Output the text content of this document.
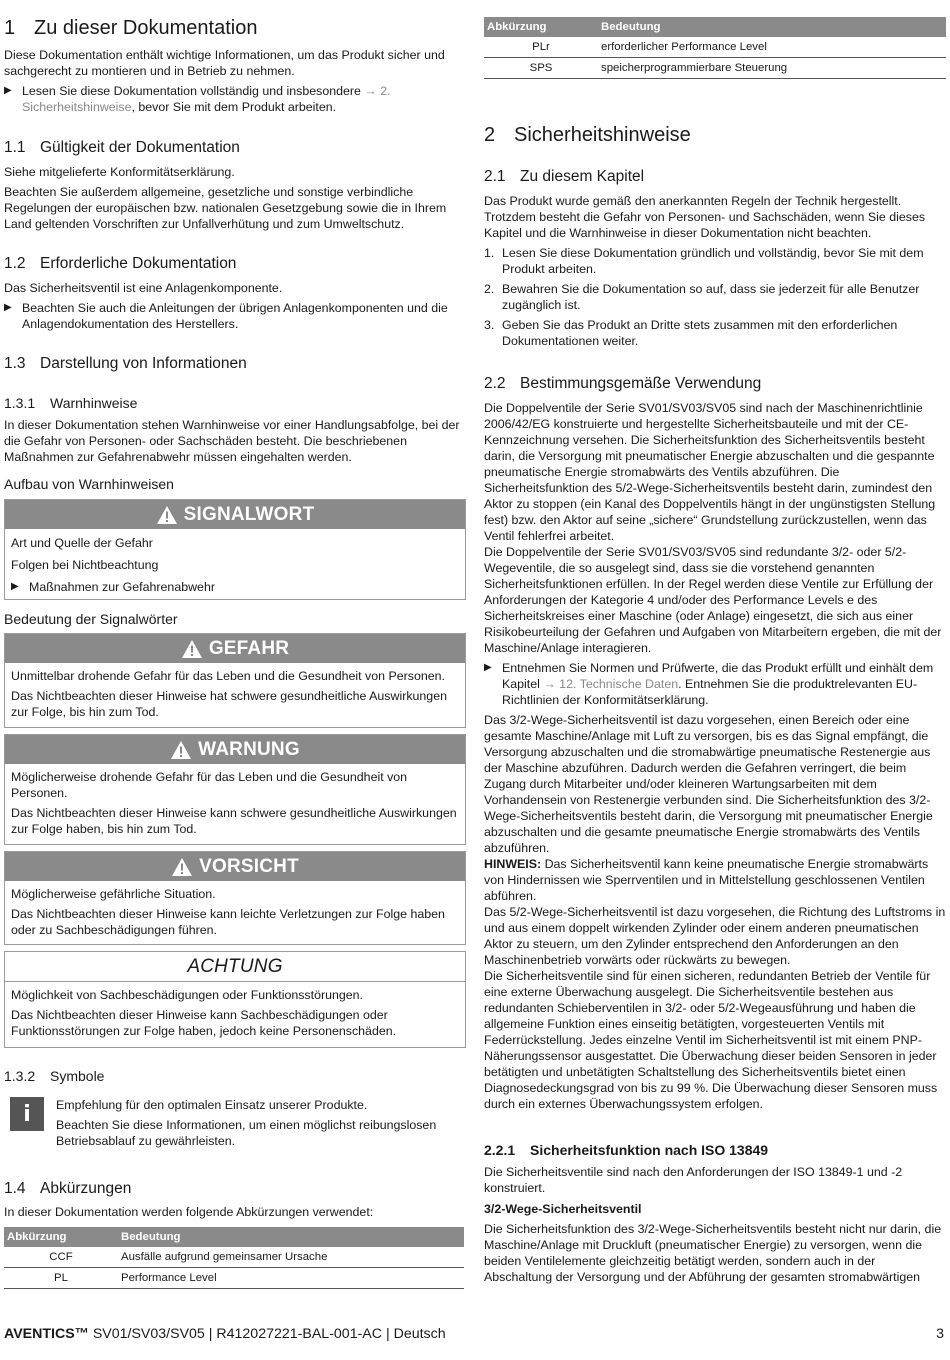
1 Zu dieser Dokumentation

Diese Dokumentation enthält wichtige Informationen, um das Produkt sicher und sachgerecht zu montieren und in Betrieb zu nehmen.

▶ Lesen Sie diese Dokumentation vollständig und insbesondere → 2. Sicherheitshinweise, bevor Sie mit dem Produkt arbeiten.

1.1 Gültigkeit der Dokumentation

Siehe mitgelieferte Konformitätserklärung.

Beachten Sie außerdem allgemeine, gesetzliche und sonstige verbindliche Regelungen der europäischen bzw. nationalen Gesetzgebung sowie die in Ihrem Land geltenden Vorschriften zur Unfallverhütung und zum Umweltschutz.

1.2 Erforderliche Dokumentation

Das Sicherheitsventil ist eine Anlagenkomponente.

▶ Beachten Sie auch die Anleitungen der übrigen Anlagenkomponenten und die Anlagendokumentation des Herstellers.

1.3 Darstellung von Informationen
1.3.1 Warnhinweise

In dieser Dokumentation stehen Warnhinweise vor einer Handlungsabfolge, bei der die Gefahr von Personen- oder Sachschäden besteht. Die beschriebenen Maßnahmen zur Gefahrenabwehr müssen eingehalten werden.

Aufbau von Warnhinweisen

SIGNALWORT

Art und Quelle der Gefahr

Folgen bei Nichtbeachtung

▶ Maßnahmen zur Gefahrenabwehr

Bedeutung der Signalwörter

GEFAHR

Unmittelbar drohende Gefahr für das Leben und die Gesundheit von Personen.

Das Nichtbeachten dieser Hinweise hat schwere gesundheitliche Auswirkungen zur Folge, bis hin zum Tod.

WARNUNG

Möglicherweise drohende Gefahr für das Leben und die Gesundheit von Personen.

Das Nichtbeachten dieser Hinweise kann schwere gesundheitliche Auswirkungen zur Folge haben, bis hin zum Tod.

VORSICHT

Möglicherweise gefährliche Situation.

Das Nichtbeachten dieser Hinweise kann leichte Verletzungen zur Folge haben oder zu Sachbeschädigungen führen.

ACHTUNG

Möglichkeit von Sachbeschädigungen oder Funktionsstörungen.

Das Nichtbeachten dieser Hinweise kann Sachbeschädigungen oder Funktionsstörungen zur Folge haben, jedoch keine Personenschäden.

1.3.2 Symbole
i Empfehlung für den optimalen Einsatz unserer Produkte.

Beachten Sie diese Informationen, um einen möglichst reibungslosen Betriebsablauf zu gewährleisten.

1.4 Abkürzungen

In dieser Dokumentation werden folgende Abkürzungen verwendet:

Abkürzung	Bedeutung
CCF	Ausfälle aufgrund gemeinsamer Ursache
PL	Performance Level
Abkürzung	Bedeutung
PLr	erforderlicher Performance Level
SPS	speicherprogrammierbare Steuerung
2 Sicherheitshinweise
2.1 Zu diesem Kapitel

Das Produkt wurde gemäß den anerkannten Regeln der Technik hergestellt. Trotzdem besteht die Gefahr von Personen- und Sachschäden, wenn Sie dieses Kapitel und die Warnhinweise in dieser Dokumentation nicht beachten.

1. Lesen Sie diese Dokumentation gründlich und vollständig, bevor Sie mit dem Produkt arbeiten.

2. Bewahren Sie die Dokumentation so auf, dass sie jederzeit für alle Benutzer zugänglich ist.

3. Geben Sie das Produkt an Dritte stets zusammen mit den erforderlichen Dokumentationen weiter.

2.2 Bestimmungsgemäße Verwendung

Die Doppelventile der Serie SV01/SV03/SV05 sind nach der Maschinenrichtlinie 2006/42/EG konstruierte und hergestellte Sicherheitsbauteile und mit der CE-Kennzeichnung versehen. Die Sicherheitsfunktion des Sicherheitsventils besteht darin, die Versorgung mit pneumatischer Energie abzuschalten und die gespannte pneumatische Energie stromabwärts des Ventils abzuführen. Die Sicherheitsfunktion des 5/2-Wege-Sicherheitsventils besteht darin, zumindest den Aktor zu stoppen (ein Kanal des Doppelventils hängt in der ungünstigsten Stellung fest) bzw. den Aktor auf seine „sichere“ Grundstellung zurückzustellen, wenn das Ventil fehlerfrei arbeitet.

Die Doppelventile der Serie SV01/SV03/SV05 sind redundante 3/2- oder 5/2-Wegeventile, die so ausgelegt sind, dass sie die vorstehend genannten Sicherheitsfunktionen erfüllen. In der Regel werden diese Ventile zur Erfüllung der Anforderungen der Kategorie 4 und/oder des Performance Levels e des Sicherheitskreises einer Maschine (oder Anlage) eingesetzt, die sich aus einer Risikobeurteilung der Gefahren und Aufgaben von Mitarbeitern ergeben, die mit der Maschine/Anlage interagieren.

▶ Entnehmen Sie Normen und Prüfwerte, die das Produkt erfüllt und einhält dem Kapitel → 12. Technische Daten. Entnehmen Sie die produktrelevanten EU-Richtlinien der Konformitätserklärung.

Das 3/2-Wege-Sicherheitsventil ist dazu vorgesehen, einen Bereich oder eine gesamte Maschine/Anlage mit Luft zu versorgen, bis es das Signal empfängt, die Versorgung abzuschalten und die stromabwärtige pneumatische Restenergie aus der Maschine abzuführen. Dadurch werden die Gefahren verringert, die beim Zugang durch Mitarbeiter und/oder kleineren Wartungsarbeiten mit dem Vorhandensein von Restenergie verbunden sind. Die Sicherheitsfunktion des 3/2-Wege-Sicherheitsventils besteht darin, die Versorgung mit pneumatischer Energie abzuschalten und die gesamte pneumatische Energie stromabwärts des Ventils abzuführen.

HINWEIS: Das Sicherheitsventil kann keine pneumatische Energie stromabwärts von Hindernissen wie Sperrventilen und in Mittelstellung geschlossenen Ventilen abführen.

Das 5/2-Wege-Sicherheitsventil ist dazu vorgesehen, die Richtung des Luftstroms in und aus einem doppelt wirkenden Zylinder oder einem anderen pneumatischen Aktor zu steuern, um den Zylinder entsprechend den Anforderungen an den Maschinenbetrieb vorwärts oder rückwärts zu bewegen.

Die Sicherheitsventile sind für einen sicheren, redundanten Betrieb der Ventile für eine externe Überwachung ausgelegt. Die Sicherheitsventile bestehen aus redundanten Schieberventilen in 3/2- oder 5/2-Wegeausführung und haben die allgemeine Funktion eines einseitig betätigten, vorgesteuerten Ventils mit Federrückstellung. Jedes einzelne Ventil im Sicherheitsventil ist mit einem PNP-Näherungssensor ausgestattet. Die Überwachung dieser beiden Sensoren in jeder betätigten und unbetätigten Schaltstellung des Sicherheitsventils bietet einen Diagnosedeckungsgrad von bis zu 99 %. Die Überwachung dieser Sensoren muss durch ein externes Überwachungssystem erfolgen.

2.2.1 Sicherheitsfunktion nach ISO 13849

Die Sicherheitsventile sind nach den Anforderungen der ISO 13849-1 und -2 konstruiert.

3/2-Wege-Sicherheitsventil

Die Sicherheitsfunktion des 3/2-Wege-Sicherheitsventils besteht nicht nur darin, die Maschine/Anlage mit Druckluft (pneumatischer Energie) zu versorgen, wenn die beiden Ventilelemente gleichzeitig betätigt werden, sondern auch in der Abschaltung der Versorgung und der Abführung der gesamten stromabwärtigen

AVENTICS™ SV01/SV03/SV05 | R412027221-BAL-001-AC | Deutsch	3
